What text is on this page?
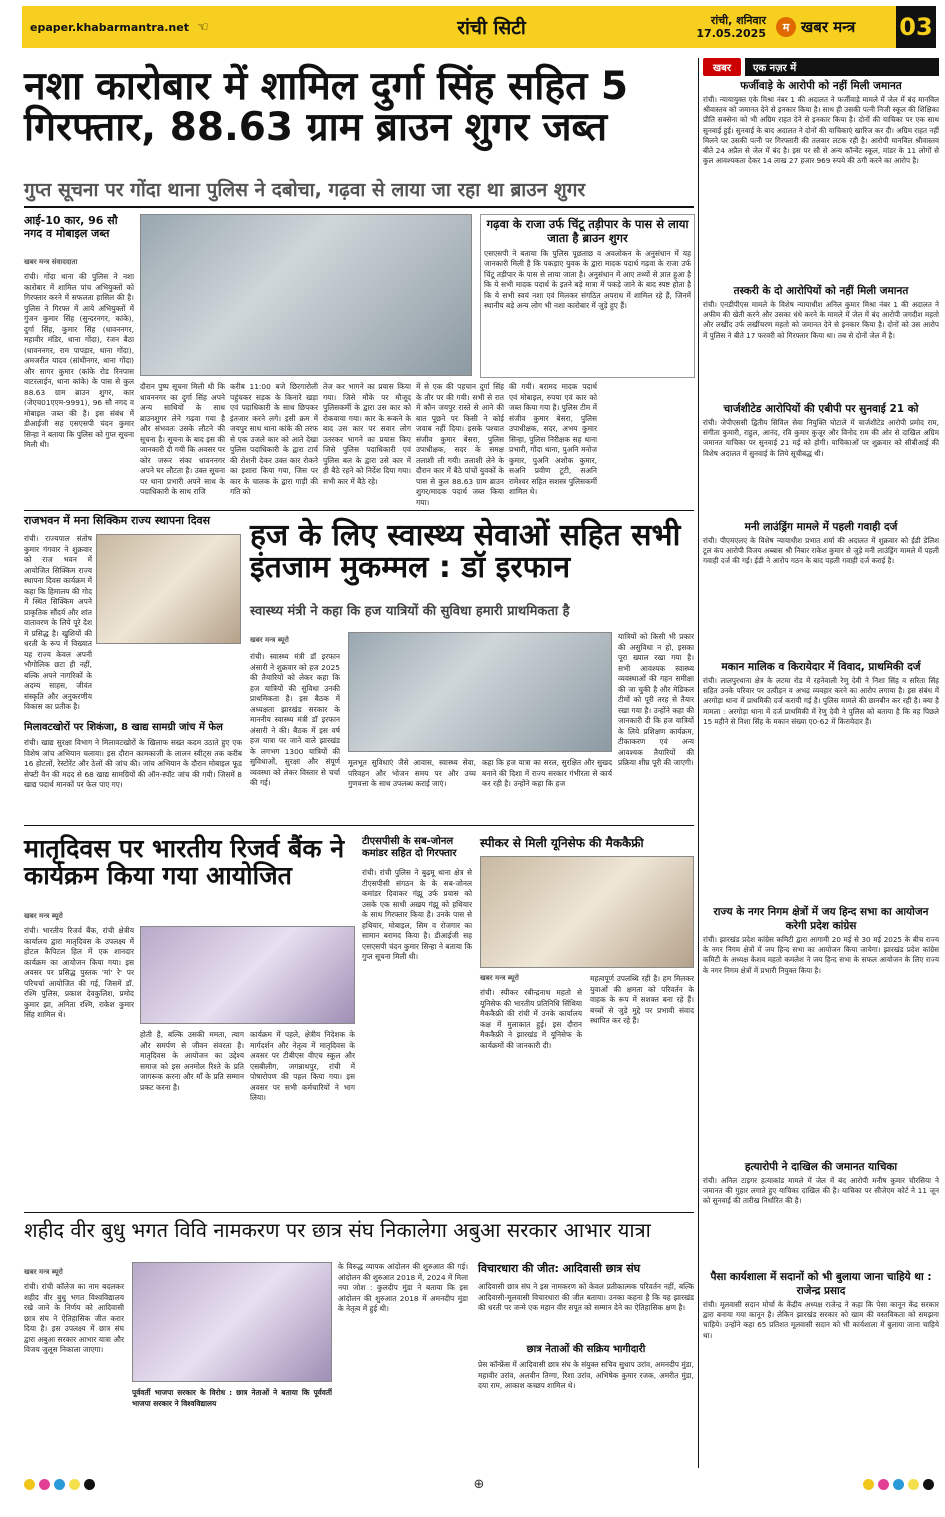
epaper.khabarmantra.net ☜	रांची सिटी	रांची, शनिवार
17.05.2025	म खबर मन्त्र 03
नशा कारोबार में शामिल दुर्गा सिंह सहित 5 गिरफ्तार, 88.63 ग्राम ब्राउन शुगर जब्त
गुप्त सूचना पर गोंदा थाना पुलिस ने दबोचा, गढ़वा से लाया जा रहा था ब्राउन शुगर
आई-10 कार, 96 सौ नगद व मोबाइल जब्त
खबर मन्त्र संवाददाता
रांची। गोंदा थाना की पुलिस ने नशा कारोबार में शामिल पांच अभियुक्तों को गिरफ्तार करने में सफलता हासिल की है। पुलिस ने गिरफ्त में आये अभियुक्तों में गुंजन कुमार सिंह (सुन्दरनगर, कांके), दुर्गा सिंह, कुमार सिंह (धावननगर, महावीर मंडिर, थाना गोंदा), रंजन बैठा (धावननगर, राम पापड़ार, थाना गोंदा), अमजरीत यादव (सांथीनगर, थाना गोंदा) और सागर कुमार (कांके रोड रिनपास वाटरलाईन, थाना कांके) के पास से कुल 88.63 ग्राम ब्राउन शुगर, कार (जेएच01एएम-9991), 96 सौ नगद व मोबाइल जब्त की है। इस संबंध में डीआईजी सह एसएसपी चंदन कुमार सिन्हा ने बताया कि पुलिस को गुप्त सूचना मिली थी।
गढ़वा के राजा उर्फ चिंटू तड़ीपार के पास से लाया जाता है ब्राउन शुगर
एसएसपी ने बताया कि पुलिस पूछताछ व अवलोकन के अनुसंधान में यह जानकारी मिली है कि पकड़ाए युवक के द्वारा मादक पदार्थ गढ़वा के राजा उर्फ चिंटू तड़ीपार के पास से लाया जाता है। अनुसंधान में आए तथ्यों से ज्ञात हुआ है कि ये सभी मादक पदार्थ के इतने बड़े मात्रा में पकड़े जाने के बाद स्पष्ट होता है कि ये सभी स्वयं नशा एवं मिलकर संगठित अपराध में शामिल रहे हैं, जिनमें स्थानीय बड़े अन्य लोग भी नशा कारोबार में जुड़े हुए हैं।
दौरान पुष्प सूचना मिली थी कि धावननगर का दुर्गा सिंह अपने अन्य साथियों के साथ ब्राउनशुगर लेने गढ़वा गया है और संभवतः उसके लौटने की सूचना है। सूचना के बाद इस की जानकारी दी गयी कि अवसर पर कोर जरूर संका धावननगर अपने घर लौटता है। उक्त सूचना पर थाना प्रभारी अपने साथ के पदाधिकारी के साथ राजि
करीब 11:00 बजे छिरगारोली पहुंचकर सड़क के किनारे खड़ा एवं पदाधिकारी के साथ छिपकर इंतजार करने लगे। इसी क्रम में जयपुर साथ थाना कांके की तरफ से एक उजले कार को आते देखा पुलिस पदाधिकारी के द्वारा टार्च की रोशनी देकर उक्त कार रोकने का इशारा किया गया, जिस पर कार के चालक के द्वारा गाड़ी की गति को
तेज कर भागने का प्रयास किया गया। जिसे मौके पर मौजूद पुलिसकर्मी के द्वारा उस कार को रोकवाया गया। कार के रूकने के बाद उस कार पर सवार लोग उतरकर भागने का प्रयास किए जिसे पुलिस पदाधिकारी एवं पुलिस बल के द्वारा उसे कार में ही बैठे रहने को निर्देश दिया गया। सभी कार में बैठे रहे।
में से एक की पहचान दुर्गा सिंह के तौर पर की गयी। सभी से रात में कौन जयपुर रास्ते से आने की बात पूछने पर किसी ने कोई जवाब नहीं दिया। इसके पश्चात संजीव कुमार बेसरा, पुलिस उपाधीक्षक, सदर के समक्ष तलाशी ली गयी। तलाशी लेने के दौरान कार में बैठे पांचों युवकों के पास से कुल 88.63 ग्राम ब्राउन शुगर/मादक पदार्थ जब्त किया गया।
की गयी। बरामद मादक पदार्थ एवं मोबाइल, रुपया एवं कार को जब्त किया गया है। पुलिस टीम में संजीव कुमार बेसरा, पुलिस उपाधीक्षक, सदर, अभय कुमार सिन्हा, पुलिस निरीक्षक सह थाना प्रभारी, गोंदा थाना, पुअनि मनोज कुमार, पुअनि अशोक कुमार, सअनि प्रवीण टूटी, सअनि रामेश्वर सहित सशस्त्र पुलिसकर्मी शामिल थे।
राजभवन में मना सिक्किम राज्य स्थापना दिवस
रांची। राज्यपाल संतोष कुमार गंगवार ने शुक्रवार को राज भवन में आयोजित सिक्किम राज्य स्थापना दिवस कार्यक्रम में कहा कि हिमालय की गोद में स्थित सिक्किम अपने प्राकृतिक सौंदर्य और शांत वातावरण के लिये पूरे देश में प्रसिद्ध है। खुशियों की धरती के रूप में विख्यात यह राज्य केवल अपनी भौगोलिक छटा ही नहीं, बल्कि अपने नागरिकों के अदम्य साहस, जीवंत संस्कृति और अनुकरणीय विकास का प्रतीक है।
मिलावटखोरों पर शिकंजा, 8 खाद्य सामग्री जांच में फेल
रांची। खाद्य सुरक्षा विभाग ने मिलावटखोरों के खिलाफ सख्त कदम उठाते हुए एक विशेष जांच अभियान चलाया। इस दौरान कामकाजी के लालन स्वीट्स तक करीब 16 होटलों, रेस्टोरेंट और ठेलों की जांच की। जांच अभियान के दौरान मोबाइल फूड सेफ्टी वैन की मदद से 68 खाद्य सामग्रियों की ऑन-स्पॉट जांच की गयी। जिसमें 8 खाद्य पदार्थ मानकों पर फेल पाए गए।
हज के लिए स्वास्थ्य सेवाओं सहित सभी इंतजाम मुकम्मल : डॉ इरफान
स्वास्थ्य मंत्री ने कहा कि हज यात्रियों की सुविधा हमारी प्राथमिकता है
खबर मन्त्र ब्यूरो
रांची। स्वास्थ्य मंत्री डॉ इरफान अंसारी ने शुक्रवार को हज 2025 की तैयारियों को लेकर कहा कि हज यात्रियों की सुविधा उनकी प्राथमिकता है। इस बैठक में अध्यक्षता झारखंड सरकार के माननीय स्वास्थ्य मंत्री डॉ इरफान अंसारी ने की। बैठक में इस वर्ष हज यात्रा पर जाने वाले झारखंड के लगभग 1300 यात्रियों की सुविधाओं, सुरक्षा और संपूर्ण व्यवस्था को लेकर विस्तार से चर्चा की गई।
मूलभूत सुविधाएं जैसे आवास, स्वास्थ्य सेवा, परिवहन और भोजन समय पर और उच्च गुणवत्ता के साथ उपलब्ध कराई जाएं।
कहा कि हज यात्रा का सरल, सुरक्षित और सुखद बनाने की दिशा में राज्य सरकार गंभीरता से कार्य कर रही है। उन्होंने कहा कि हज
यात्रियों को किसी भी प्रकार की असुविधा न हो, इसका पूरा ख्याल रखा गया है। सभी आवश्यक स्वास्थ्य व्यवस्थाओं की गहन समीक्षा की जा चुकी है और मेडिकल टीमों को पूरी तरह से तैयार रखा गया है। उन्होंने कहा की जानकारी दी कि हज यात्रियों के लिये प्रशिक्षण कार्यक्रम, टीकाकरण एवं अन्य आवश्यक तैयारियों की प्रक्रिया शीघ्र पूरी की जाएगी।
मातृदिवस पर भारतीय रिजर्व बैंक ने कार्यक्रम किया गया आयोजित
खबर मन्त्र ब्यूरो
रांची। भारतीय रिजर्व बैंक, रांची क्षेत्रीय कार्यालय द्वारा मातृदिवस के उपलक्ष्य में होटल कैपिटल हिल में एक शानदार कार्यक्रम का आयोजन किया गया। इस अवसर पर प्रसिद्ध पुस्तक 'मां' रे' पर परिचर्चा आयोजित की गई, जिसमें डॉ. रश्मि पुलिस, प्रकाश देवकुलिश, प्रमोद कुमार झा, अनिता रश्मि, राकेश कुमार सिंह शामिल थे।
होती है, बल्कि उसकी ममता, त्याग और समर्पण से जीवन संवरता है। मातृदिवस के आयोजन का उद्देश्य समाज को इस अनमोल रिश्ते के प्रति जागरूक करना और माँ के प्रति सम्मान प्रकट करना है।
कार्यक्रम में पहले, क्षेत्रीय निदेशक के मार्गदर्शन और नेतृत्व में मातृदिवस के अवसर पर टीबीएस वीएच स्कूल और एसबीलीग, जगन्नाथपुर, रांची में पोषारोपण की पहल किया गया। इस अवसर पर सभी कर्मचारियों ने भाग लिया।
टीएसपीसी के सब-जोनल कमांडर सहित दो गिरफ्तार
रांची। रांची पुलिस ने बुढ़मू थाना क्षेत्र से टीएसपीसी संगठन के के सब-जोनल कमांडर दिवाकर गंझू उर्फ प्रयास को उसके एक साथी अखय गंझू को हथियार के साथ गिरफ्तार किया है। उनके पास से हथियार, मोबाइल, सिम व रोजगार का सामान बरामद किया है। डीआईजी सह एसएसपी चंदन कुमार सिन्हा ने बताया कि गुप्त सूचना मिली थी।
स्पीकर से मिली यूनिसेफ की मैककैफ्री
खबर मन्त्र ब्यूरो
रांची। स्पीकर रबीन्द्रनाथ महतो से यूनिसेफ की भारतीय प्रतिनिधि सिंथिया मैककैफ्री की रांची में उनके कार्यालय कक्ष में मुलाकात हुई। इस दौरान मैककैफ्री ने झारखंड में यूनिसेफ के कार्यक्रमों की जानकारी दी।
महत्वपूर्ण उपलब्धि रही है। हम मिलकर युवाओं की क्षमता को परिवर्तन के वाहक के रूप में सशक्त बना रहे हैं। बच्चों से जुड़े मुद्दे पर प्रभावी संवाद स्थापित कर रहे हैं।
शहीद वीर बुधु भगत विवि नामकरण पर छात्र संघ निकालेगा अबुआ सरकार आभार यात्रा
खबर मन्त्र ब्यूरो
रांची। रांची कॉलेज का नाम बदलकर शहीद वीर बुधु भगत विश्वविद्यालय रखे जाने के निर्णय को आदिवासी छात्र संघ ने ऐतिहासिक जीत करार दिया है। इस उपलक्ष्य में छात्र संघ द्वारा अबुआ सरकार आभार यात्रा और विजय जुलूस निकाला जाएगा।
पूर्ववर्ती भाजपा सरकार के विरोध : छात्र नेताओं ने बताया कि पूर्ववर्ती भाजपा सरकार ने विश्वविद्यालय
के विरुद्ध व्यापक आंदोलन की शुरुआत की गई। आंदोलन की शुरुआत 2018 में, 2024 में मिला नया जोश : कुलदीप मुंडा ने बताया कि इस आंदोलन की शुरुआत 2018 में अमनदीप मुंडा के नेतृत्व में हुई थी।
विचारधारा की जीत: आदिवासी छात्र संघ
आदिवासी छात्र संघ ने इस नामकरण को केवल प्रतीकात्मक परिवर्तन नहीं, बल्कि आदिवासी-मूलवासी विचारधारा की जीत बताया। उनका कहना है कि यह झारखंड की धरती पर जन्मे एक महान वीर सपूत को सम्मान देने का ऐतिहासिक क्षण है।
छात्र नेताओं की सक्रिय भागीदारी
प्रेस कॉन्फ्रेंस में आदिवासी छात्र संघ के संयुक्त सचिव सुधाप उरांव, अमनदीप मुंडा, महावीर उरांव, अलवीन तिग्गा, रिशा उरांव, अभिषेक कुमार रजक, अमरीत मुंडा, दया राम, आकाश कच्छप शामिल थे।
खबर	एक नज़र में
फर्जीवाड़े के आरोपी को नहीं मिली जमानत
रांची। न्यायायुक्त एके मिश्रा नंबर 1 की अदालत ने फर्जीवाड़े मामले में जेल में बंद मानविल श्रीवास्तव को जमानत देने से इनकार किया है। साथ ही उसकी पत्नी निजी स्कूल की शिक्षिका प्रीति सक्सेना को भी अग्रिम राहत देने से इनकार किया है। दोनों की याचिका पर एक साथ सुनवाई हुई। सुनवाई के बाद अदालत ने दोनों की याचिकाएं खारिज कर दी। अग्रिम राहत नहीं मिलने पर उसकी पत्नी पर गिरफ्तारी की तलवार लटक रही है। आरोपी मानविल श्रीवास्तव बीते 24 अप्रैल से जेल में बंद है। इस पर सौ से अन्य कॉन्वेंट स्कूल, मांडर के 11 लोगों से कुल आवश्यकता देकर 14 लाख 27 हजार 969 रुपये की ठगी करने का आरोप है।
तस्करी के दो आरोपियों को नहीं मिली जमानत
रांची। एनडीपीएस मामले के विशेष न्यायाधीश अनिल कुमार मिश्रा नंबर 1 की अदालत ने अफीम की खेती करने और उसका धंधे करने के मामले में जेल में बंद आरोपी जगदीश महतो और लखींद उर्फ लखींचरण महतो को जमानत देने से इनकार किया है। दोनों को उस आरोप में पुलिस ने बीते 17 फरवरी को गिरफ्तार किया था। तब से दोनों जेल में है।
चार्जशीटेड आरोपियों की एबीपी पर सुनवाई 21 को
रांची। जेपीएससी द्वितीय सिविल सेवा नियुक्ति घोटाले में चार्जशीटेड आरोपी प्रमोद राम, संगीता कुमारी, राहुल, आनंद, रवि कुमार कुजूर और विनोद राम की ओर से दाखिल अग्रिम जमानत याचिका पर सुनवाई 21 मई को होगी। याचिकाओं पर शुक्रवार को सीबीआई की विशेष अदालत में सुनवाई के लिये सूचीबद्ध थी।
मनी लाउंड्रिंग मामले में पहली गवाही दर्ज
रांची। पीएमएलए के विशेष न्यायाधीश प्रभात शर्मा की अदालत में शुक्रवार को ईडी डेलिश टूल कंप आरोपी विजय अब्बास श्री निबार राकेश कुमार से जुड़े मनी लाउंड्रिंग मामले में पहली गवाही दर्ज की गई। ईडी ने आरोप गठन के बाद पहली गवाही दर्ज कराई है।
मकान मालिक व किरायेदार में विवाद, प्राथमिकी दर्ज
रांची। लालपुरथाना क्षेत्र के लटमा रोड में रहनेवाली रेणु देवी ने निशा सिंह व सरिता सिंह सहित उनके परिवार पर उत्पीड़न व अभद्र व्यवहार करने का आरोप लगाया है। इस संबंध में अरगोड़ा थाना में प्राथमिकी दर्ज करायी गई है। पुलिस मामले की छानबीन कर रही है। क्या है मामला : अरगोड़ा थाना में दर्ज प्राथमिकी में रेणु देवी ने पुलिस को बताया है कि वह पिछले 15 महीने से निशा सिंह के मकान संख्या ए0-62 में किरायेदार हैं।
राज्य के नगर निगम क्षेत्रों में जय हिन्द सभा का आयोजन करेगी प्रदेश कांग्रेस
रांची। झारखंड प्रदेश कांग्रेस कमिटी द्वारा आगामी 20 मई से 30 मई 2025 के बीच राज्य के नगर निगम क्षेत्रों में जय हिन्द सभा का आयोजन किया जायेगा। झारखंड प्रदेश कांग्रेस कमिटी के अध्यक्ष केशव महतो कमलेश ने जय हिन्द सभा के सफल आयोजन के लिए राज्य के नगर निगम क्षेत्रों में प्रभारी नियुक्त किया है।
हत्यारोपी ने दाखिल की जमानत याचिका
रांची। अनिल टाइगर हत्याकांड मामले में जेल में बंद आरोपी मनीष कुमार चौरसिया ने जमानत की गुहार लगाते हुए याचिका दाखिल की है। याचिका पर सीजेएम कोर्ट ने 11 जून को सुनवाई की तारीख निर्धारित की है।
पैसा कार्यशाला में सदानों को भी बुलाया जाना चाहिये था : राजेन्द्र प्रसाद
रांची। मूलवासी सदान मोर्चा के केंद्रीय अध्यक्ष राजेन्द्र ने कहा कि पेसा कानून केंद्र सरकार द्वारा बनाया गया कानून है। लेकिन झारखंड सरकार को खाम की वस्तविकता को समझना चाहिये। उन्होंने कहा 65 प्रतिशत मूलवासी सदान को भी कार्यशाला में बुलाया जाना चाहिये था।
⊕
